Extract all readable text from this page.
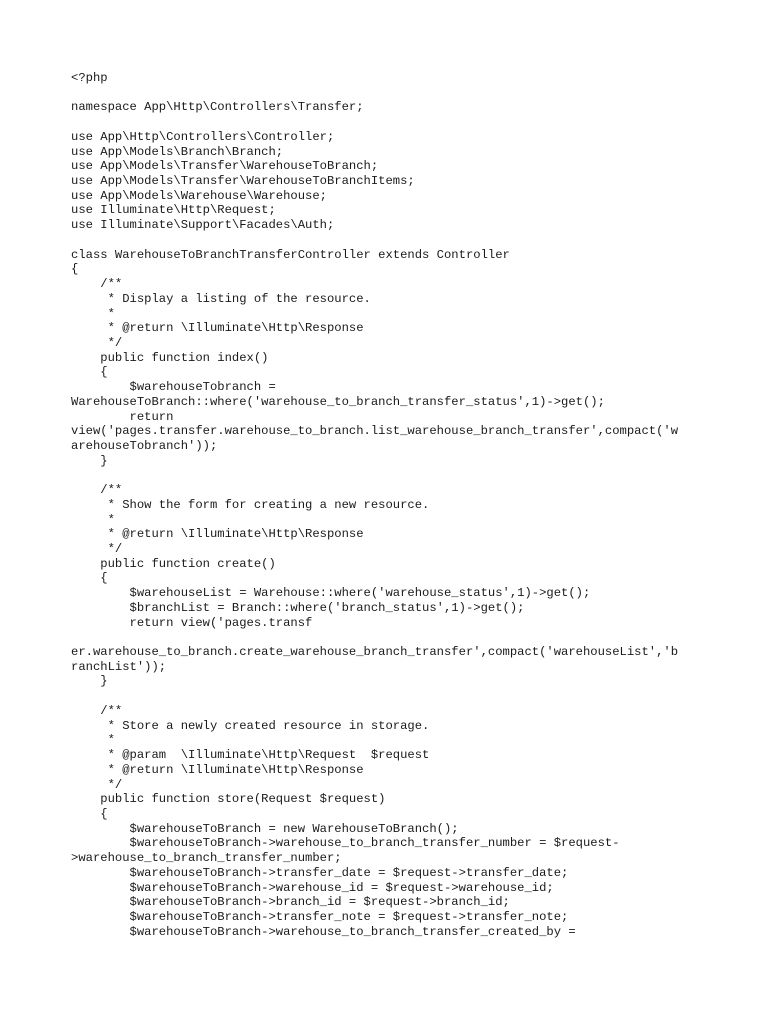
<?php
namespace App\Http\Controllers\Transfer;
use App\Http\Controllers\Controller;
use App\Models\Branch\Branch;
use App\Models\Transfer\WarehouseToBranch;
use App\Models\Transfer\WarehouseToBranchItems;
use App\Models\Warehouse\Warehouse;
use Illuminate\Http\Request;
use Illuminate\Support\Facades\Auth;
class WarehouseToBranchTransferController extends Controller
{
/**
* Display a listing of the resource.
*
* @return \Illuminate\Http\Response
*/
public function index()
{
$warehouseTobranch =
WarehouseToBranch::where('warehouse_to_branch_transfer_status',1)->get();
return
view('pages.transfer.warehouse_to_branch.list_warehouse_branch_transfer',compact('w
arehouseTobranch'));
}
/**
* Show the form for creating a new resource.
*
* @return \Illuminate\Http\Response
*/
public function create()
{
$warehouseList = Warehouse::where('warehouse_status',1)->get();
$branchList = Branch::where('branch_status',1)->get();
return view('pages.transf
er.warehouse_to_branch.create_warehouse_branch_transfer',compact('warehouseList','b
ranchList'));
}
/**
* Store a newly created resource in storage.
*
* @param  \Illuminate\Http\Request  $request
* @return \Illuminate\Http\Response
*/
public function store(Request $request)
{
$warehouseToBranch = new WarehouseToBranch();
$warehouseToBranch->warehouse_to_branch_transfer_number = $request-
>warehouse_to_branch_transfer_number;
$warehouseToBranch->transfer_date = $request->transfer_date;
$warehouseToBranch->warehouse_id = $request->warehouse_id;
$warehouseToBranch->branch_id = $request->branch_id;
$warehouseToBranch->transfer_note = $request->transfer_note;
$warehouseToBranch->warehouse_to_branch_transfer_created_by =
